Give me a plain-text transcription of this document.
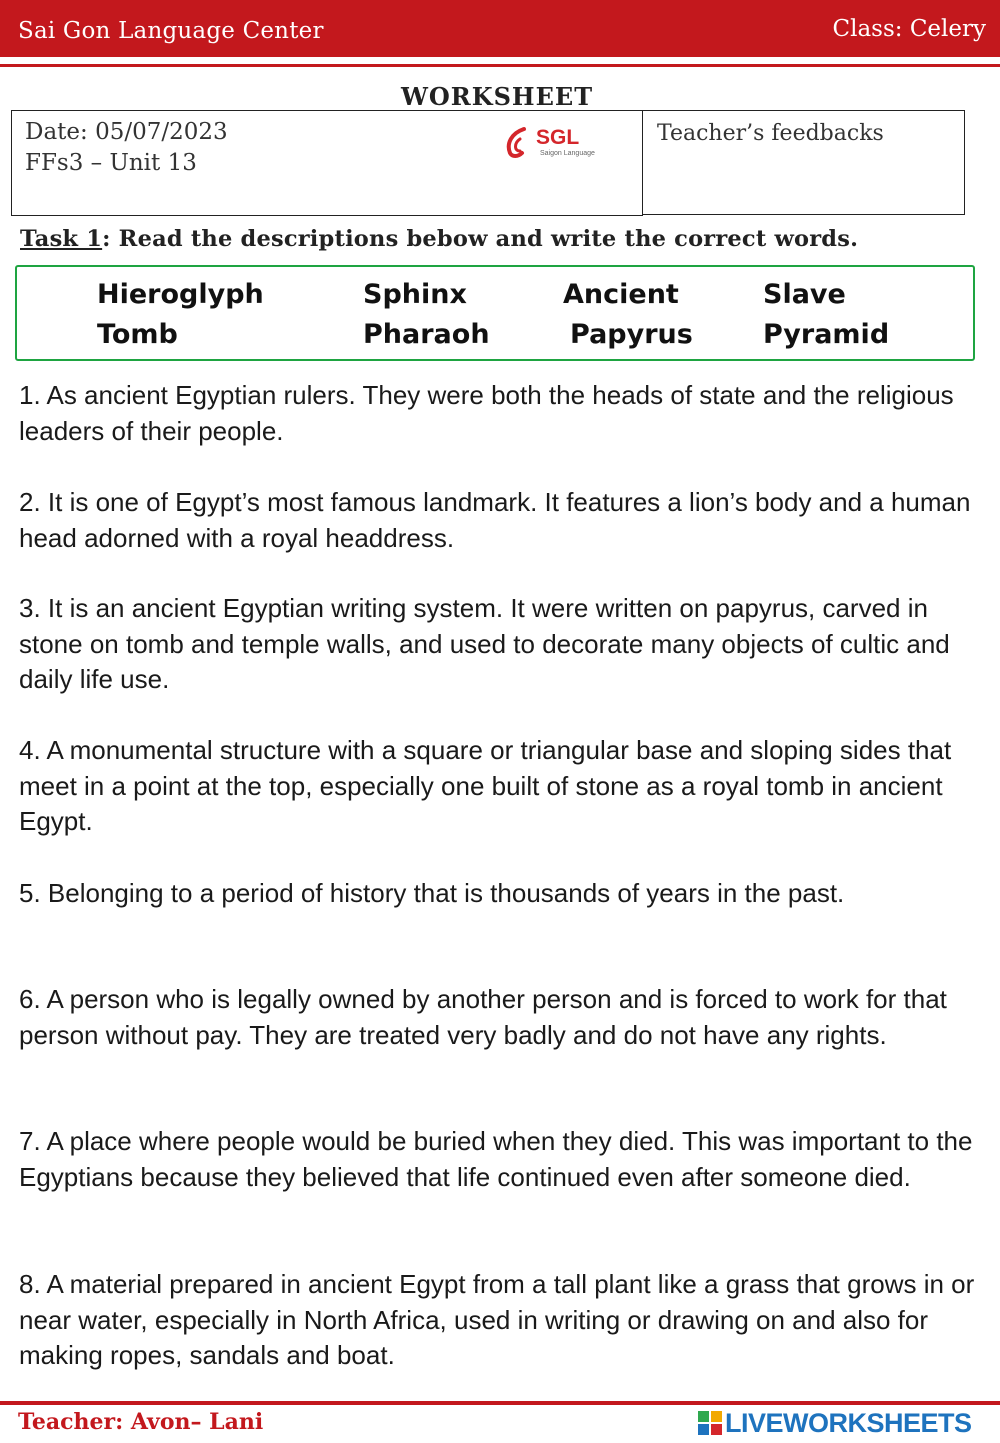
Sai Gon Language Center	Class: Celery
WORKSHEET
Date: 05/07/2023
FFs3 – Unit 13
SGL
Saigon Language
Teacher’s feedbacks
Task 1: Read the descriptions bebow and write the correct words.
Hieroglyph	Sphinx	Ancient	Slave
Tomb	Pharaoh	Papyrus	Pyramid
1. As ancient Egyptian rulers. They were both the heads of state and the religious leaders of their people.
2. It is one of Egypt’s most famous landmark. It features a lion’s body and a human head adorned with a royal headdress.
3. It is an ancient Egyptian writing system. It were written on papyrus, carved in stone on tomb and temple walls, and used to decorate many objects of cultic and daily life use.
4. A monumental structure with a square or triangular base and sloping sides that meet in a point at the top, especially one built of stone as a royal tomb in ancient Egypt.
5. Belonging to a period of history that is thousands of years in the past.
6. A person who is legally owned by another person and is forced to work for that person without pay. They are treated very badly and do not have any rights.
7. A place where people would be buried when they died. This was important to the Egyptians because they believed that life continued even after someone died.
8. A material prepared in ancient Egypt from a tall plant like a grass that grows in or near water, especially in North Africa, used in writing or drawing on and also for making ropes, sandals and boat.
Teacher: Avon– Lani	LIVEWORKSHEETS
